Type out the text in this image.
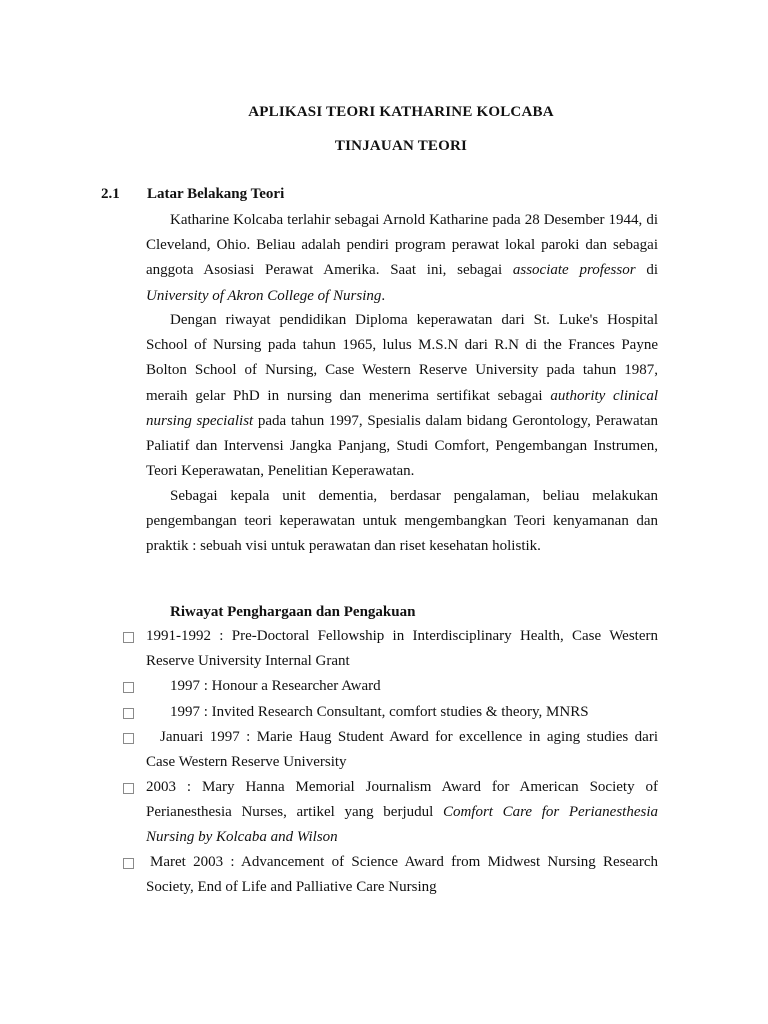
APLIKASI TEORI KATHARINE KOLCABA
TINJAUAN TEORI
2.1 Latar Belakang Teori
Katharine Kolcaba terlahir sebagai Arnold Katharine pada 28 Desember 1944, di Cleveland, Ohio. Beliau adalah pendiri program perawat lokal paroki dan sebagai anggota Asosiasi Perawat Amerika. Saat ini, sebagai associate professor di University of Akron College of Nursing.
Dengan riwayat pendidikan Diploma keperawatan dari St. Luke's Hospital School of Nursing pada tahun 1965, lulus M.S.N dari R.N di the Frances Payne Bolton School of Nursing, Case Western Reserve University pada tahun 1987, meraih gelar PhD in nursing dan menerima sertifikat sebagai authority clinical nursing specialist pada tahun 1997, Spesialis dalam bidang Gerontology, Perawatan Paliatif dan Intervensi Jangka Panjang, Studi Comfort, Pengembangan Instrumen, Teori Keperawatan, Penelitian Keperawatan.
Sebagai kepala unit dementia, berdasar pengalaman, beliau melakukan pengembangan teori keperawatan untuk mengembangkan Teori kenyamanan dan praktik : sebuah visi untuk perawatan dan riset kesehatan holistik.
Riwayat Penghargaan dan Pengakuan
1991-1992 : Pre-Doctoral Fellowship in Interdisciplinary Health, Case Western Reserve University Internal Grant
1997 : Honour a Researcher Award
1997 : Invited Research Consultant, comfort studies & theory, MNRS
Januari 1997 : Marie Haug Student Award for excellence in aging studies dari Case Western Reserve University
2003 : Mary Hanna Memorial Journalism Award for American Society of Perianesthesia Nurses, artikel yang berjudul Comfort Care for Perianesthesia Nursing by Kolcaba and Wilson
Maret 2003 : Advancement of Science Award from Midwest Nursing Research Society, End of Life and Palliative Care Nursing
